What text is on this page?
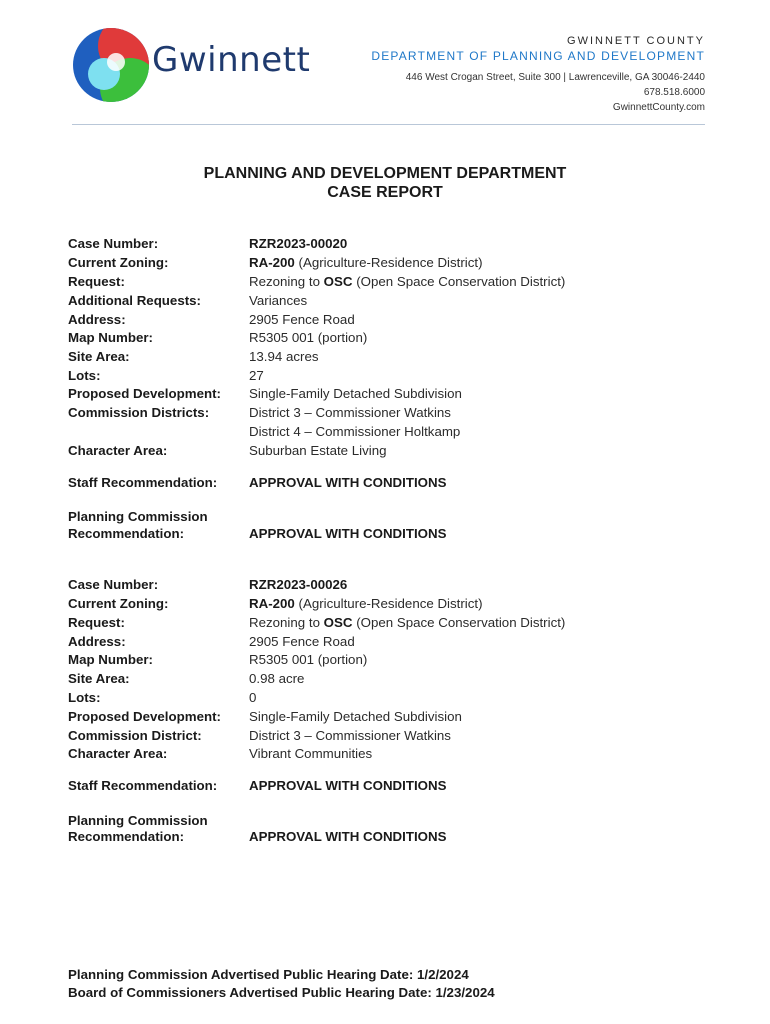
Gwinnett	GWINNETT COUNTY
DEPARTMENT OF PLANNING AND DEVELOPMENT
446 West Crogan Street, Suite 300 | Lawrenceville, GA 30046-2440
678.518.6000
GwinnettCounty.com
PLANNING AND DEVELOPMENT DEPARTMENT
CASE REPORT
Case Number:	RZR2023-00020
Current Zoning:	RA-200 (Agriculture-Residence District)
Request:	Rezoning to OSC (Open Space Conservation District)
Additional Requests:	Variances
Address:	2905 Fence Road
Map Number:	R5305 001 (portion)
Site Area:	13.94 acres
Lots:	27
Proposed Development: Single-Family Detached Subdivision
Commission Districts:	District 3 – Commissioner Watkins
District 4 – Commissioner Holtkamp
Character Area:	Suburban Estate Living
Staff Recommendation: APPROVAL WITH CONDITIONS
Planning Commission
Recommendation:	APPROVAL WITH CONDITIONS
Case Number:	RZR2023-00026
Current Zoning:	RA-200 (Agriculture-Residence District)
Request:	Rezoning to OSC (Open Space Conservation District)
Address:	2905 Fence Road
Map Number:	R5305 001 (portion)
Site Area:	0.98 acre
Lots:	0
Proposed Development: Single-Family Detached Subdivision
Commission District:	District 3 – Commissioner Watkins
Character Area:	Vibrant Communities
Staff Recommendation: APPROVAL WITH CONDITIONS
Planning Commission
Recommendation:	APPROVAL WITH CONDITIONS
Planning Commission Advertised Public Hearing Date: 1/2/2024
Board of Commissioners Advertised Public Hearing Date: 1/23/2024
